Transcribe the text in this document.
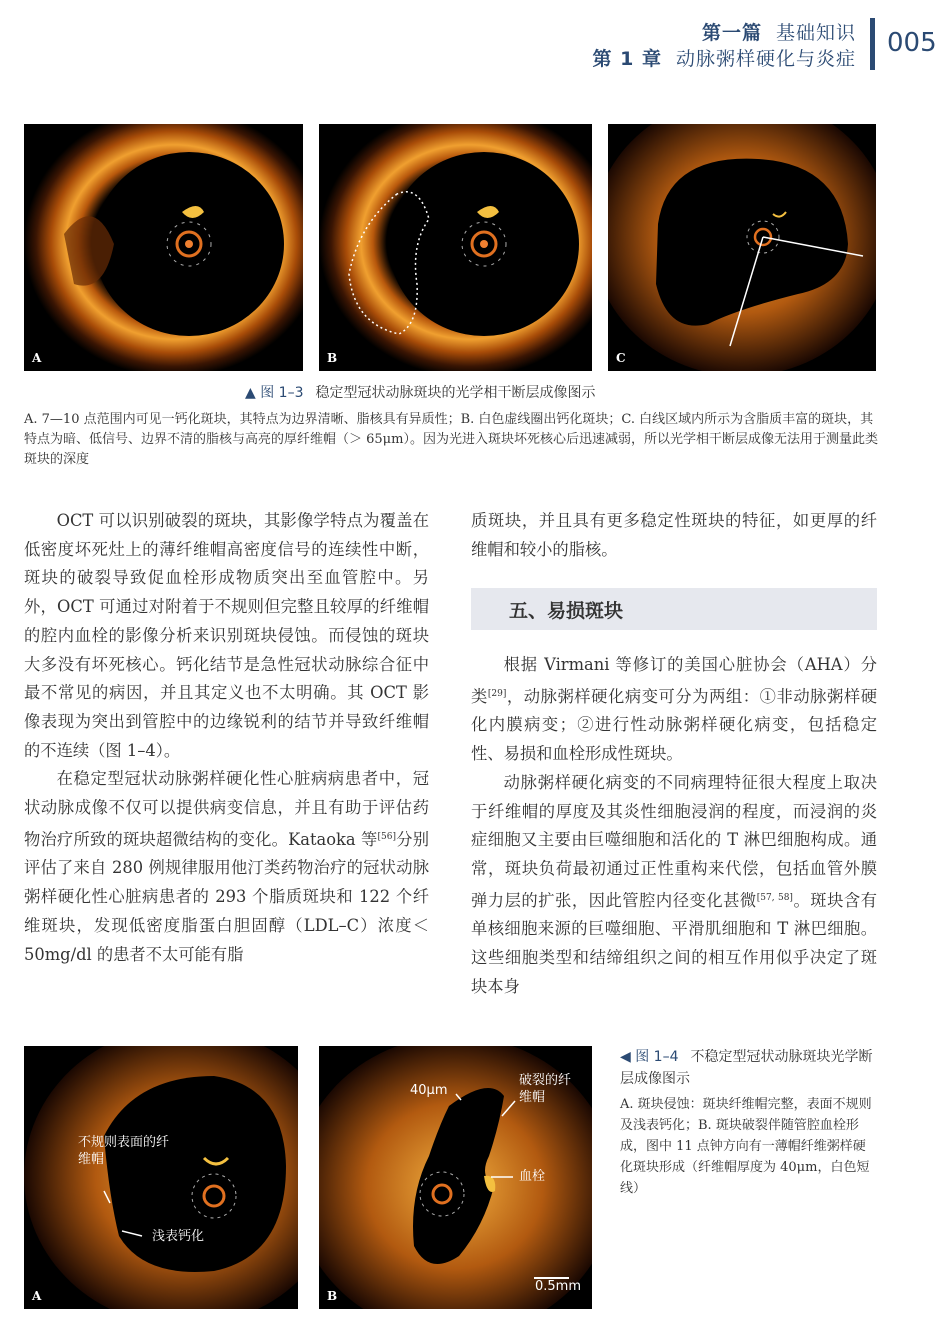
第一篇 基础知识
第 1 章 动脉粥样硬化与炎症
005
A	B	C
▲ 图 1–3 稳定型冠状动脉斑块的光学相干断层成像图示
A. 7—10 点范围内可见一钙化斑块，其特点为边界清晰、脂核具有异质性；B. 白色虚线圈出钙化斑块；C. 白线区域内所示为含脂质丰富的斑块，其特点为暗、低信号、边界不清的脂核与高亮的厚纤维帽（＞ 65μm）。因为光进入斑块坏死核心后迅速减弱，所以光学相干断层成像无法用于测量此类斑块的深度

OCT 可以识别破裂的斑块，其影像学特点为覆盖在低密度坏死灶上的薄纤维帽高密度信号的连续性中断，斑块的破裂导致促血栓形成物质突出至血管腔中。另外，OCT 可通过对附着于不规则但完整且较厚的纤维帽的腔内血栓的影像分析来识别斑块侵蚀。而侵蚀的斑块大多没有坏死核心。钙化结节是急性冠状动脉综合征中最不常见的病因，并且其定义也不太明确。其 OCT 影像表现为突出到管腔中的边缘锐利的结节并导致纤维帽的不连续（图 1–4）。

在稳定型冠状动脉粥样硬化性心脏病病患者中，冠状动脉成像不仅可以提供病变信息，并且有助于评估药物治疗所致的斑块超微结构的变化。Kataoka 等[56]分别评估了来自 280 例规律服用他汀类药物治疗的冠状动脉粥样硬化性心脏病患者的 293 个脂质斑块和 122 个纤维斑块，发现低密度脂蛋白胆固醇（LDL–C）浓度＜ 50mg/dl 的患者不太可能有脂

质斑块，并且具有更多稳定性斑块的特征，如更厚的纤维帽和较小的脂核。

五、易损斑块

根据 Virmani 等修订的美国心脏协会（AHA）分类[29]，动脉粥样硬化病变可分为两组：①非动脉粥样硬化内膜病变；②进行性动脉粥样硬化病变，包括稳定性、易损和血栓形成性斑块。

动脉粥样硬化病变的不同病理特征很大程度上取决于纤维帽的厚度及其炎性细胞浸润的程度，而浸润的炎症细胞又主要由巨噬细胞和活化的 T 淋巴细胞构成。通常，斑块负荷最初通过正性重构来代偿，包括血管外膜弹力层的扩张，因此管腔内径变化甚微[57, 58]。斑块含有单核细胞来源的巨噬细胞、平滑肌细胞和 T 淋巴细胞。这些细胞类型和结缔组织之间的相互作用似乎决定了斑块本身

不规则表面的纤维帽
浅表钙化
A
40μm
破裂的纤维帽
血栓
0.5mm
B
◀ 图 1–4 不稳定型冠状动脉斑块光学断层成像图示
A. 斑块侵蚀：斑块纤维帽完整，表面不规则及浅表钙化；B. 斑块破裂伴随管腔血栓形成，图中 11 点钟方向有一薄帽纤维粥样硬化斑块形成（纤维帽厚度为 40μm，白色短线）
